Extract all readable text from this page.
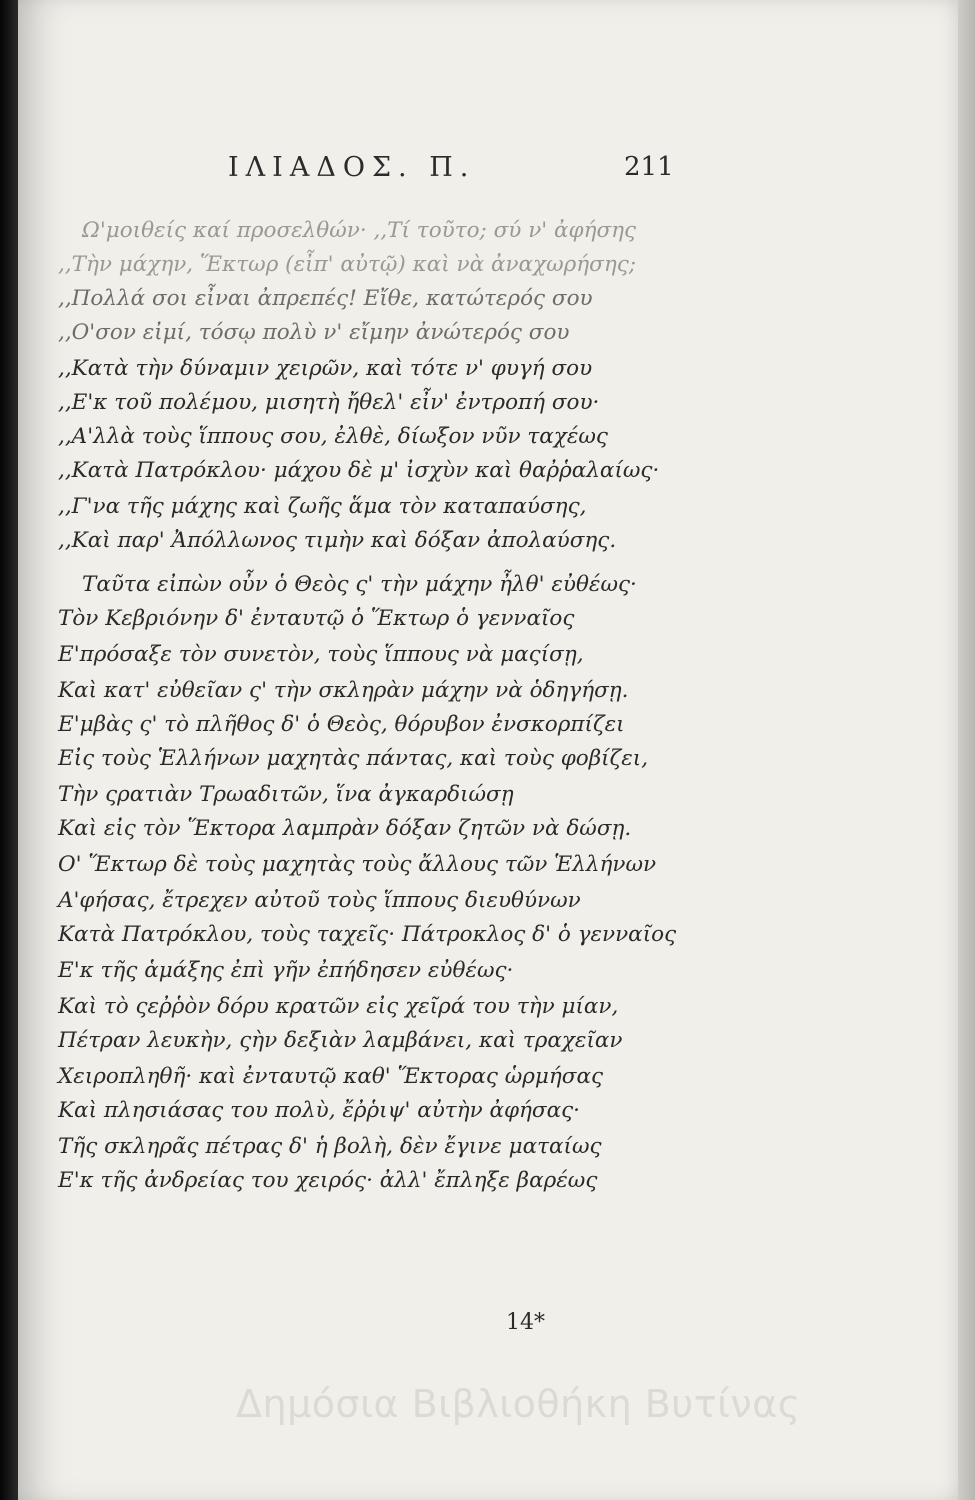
ΙΛΙΑΔΟΣ. Π.	211
Ω'μοιθείς καί προσελθών· ,,Τί τοῦτο; σύ ν' ἀφήσης
,,Τὴν μάχην, Ἕκτωρ (εἶπ' αὐτῷ) καὶ νὰ ἀναχωρήσης;
,,Πολλά σοι εἶναι ἀπρεπές! Εἴθε, κατώτερός σου
,,Ο'σον εἰμί, τόσῳ πολὺ ν' εἴμην ἀνώτερός σου
,,Κατὰ τὴν δύναμιν χειρῶν, καὶ τότε ν' φυγή σου
,,Ε'κ τοῦ πολέμου, μισητὴ ἤθελ' εἶν' ἐντροπή σου·
,,Α'λλὰ τοὺς ἵππους σου, ἐλθὲ, δίωξον νῦν ταχέως
,,Κατὰ Πατρόκλου· μάχου δὲ μ' ἰσχὺν καὶ θαῤῥαλαίως·
,,Γ'να τῆς μάχης καὶ ζωῆς ἅμα τὸν καταπαύσης,
,,Καὶ παρ' Ἀπόλλωνος τιμὴν καὶ δόξαν ἀπολαύσης.
Ταῦτα εἰπὼν οὖν ὁ Θεὸς ς' τὴν μάχην ἦλθ' εὐθέως·
Τὸν Κεβριόνην δ' ἐνταυτῷ ὁ Ἕκτωρ ὁ γενναῖος
Ε'πρόσαξε τὸν συνετὸν, τοὺς ἵππους νὰ μαςίσῃ,
Καὶ κατ' εὐθεῖαν ς' τὴν σκληρὰν μάχην νὰ ὁδηγήσῃ.
Ε'μβὰς ς' τὸ πλῆθος δ' ὁ Θεὸς, θόρυβον ἐνσκορπίζει
Εἰς τοὺς Ἑλλήνων μαχητὰς πάντας, καὶ τοὺς φοβίζει,
Τὴν ςρατιὰν Τρωαδιτῶν, ἵνα ἀγκαρδιώσῃ
Καὶ εἰς τὸν Ἕκτορα λαμπρὰν δόξαν ζητῶν νὰ δώσῃ.
Ο' Ἕκτωρ δὲ τοὺς μαχητὰς τοὺς ἄλλους τῶν Ἑλλήνων
Α'φήσας, ἔτρεχεν αὐτοῦ τοὺς ἵππους διευθύνων
Κατὰ Πατρόκλου, τοὺς ταχεῖς· Πάτροκλος δ' ὁ γενναῖος
Ε'κ τῆς ἁμάξης ἐπὶ γῆν ἐπήδησεν εὐθέως·
Καὶ τὸ ςεῤῥὸν δόρυ κρατῶν εἰς χεῖρά του τὴν μίαν,
Πέτραν λευκὴν, ςὴν δεξιὰν λαμβάνει, καὶ τραχεῖαν
Χειροπληθῆ· καὶ ἐνταυτῷ καθ' Ἕκτορας ὡρμήσας
Καὶ πλησιάσας του πολὺ, ἔῤῥιψ' αὐτὴν ἀφήσας·
Τῆς σκληρᾶς πέτρας δ' ἡ βολὴ, δὲν ἔγινε ματαίως
Ε'κ τῆς ἀνδρείας του χειρός· ἀλλ' ἔπληξε βαρέως
14*
Δημόσια Βιβλιοθήκη Βυτίνας
